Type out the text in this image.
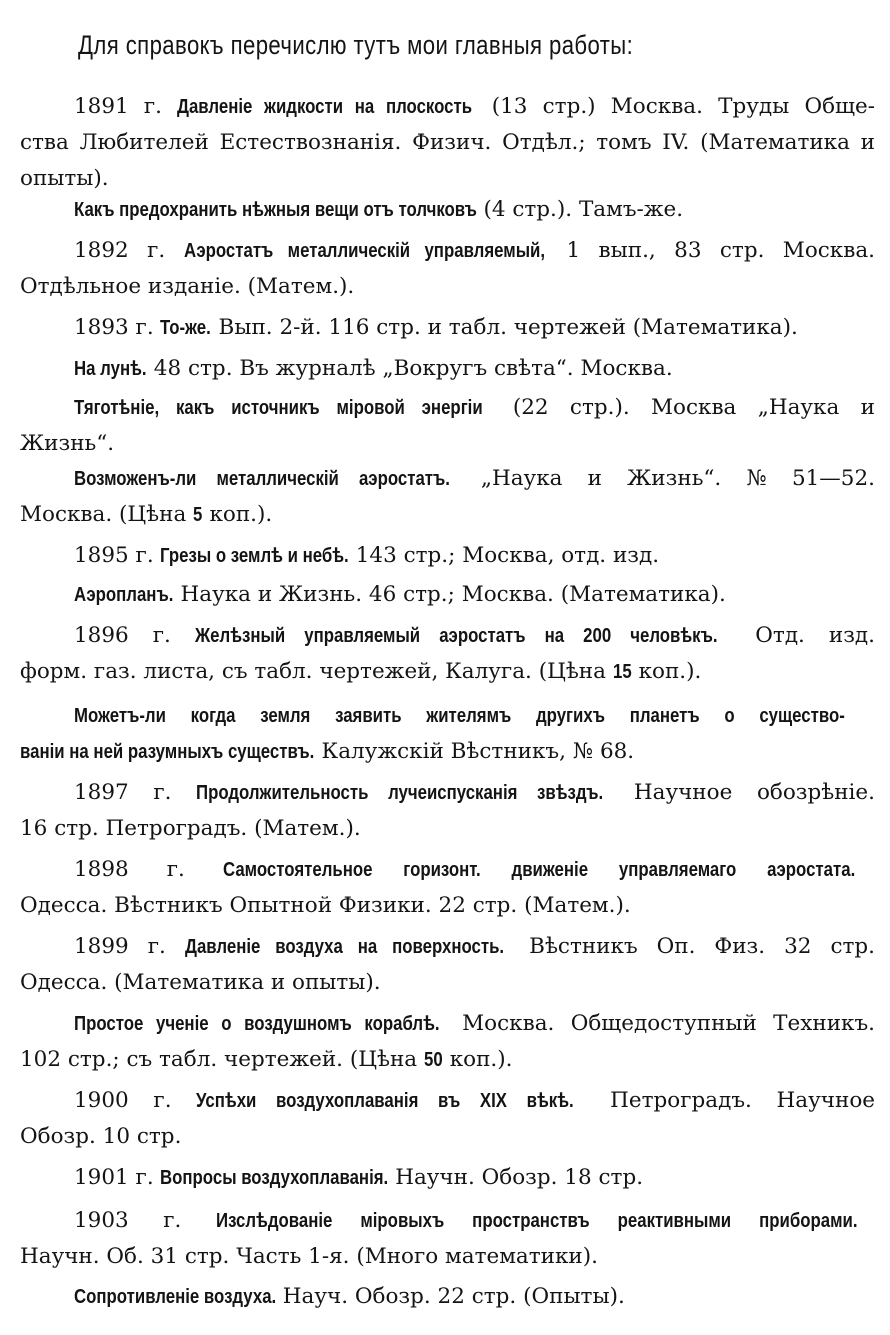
Для справокъ перечислю тутъ мои главныя работы:
1891 г. Давленіе жидкости на плоскость (13 стр.) Москва. Труды Обще-
ства Любителей Естествознанія. Физич. Отдѣл.; томъ IV. (Математика и
опыты).
Какъ предохранить нѣжныя вещи отъ толчковъ (4 стр.). Тамъ-же.
1892 г. Аэростатъ металлическій управляемый, 1 вып., 83 стр. Москва.
Отдѣльное изданіе. (Матем.).
1893 г. То-же. Вып. 2-й. 116 стр. и табл. чертежей (Математика).
На лунѣ. 48 стр. Въ журналѣ „Вокругъ свѣта“. Москва.
Тяготѣніе, какъ источникъ міровой энергіи (22 стр.). Москва „Наука и
Жизнь“.
Возможенъ-ли металлическій аэростатъ. „Наука и Жизнь“. № 51—52.
Москва. (Цѣна 5 коп.).
1895 г. Грезы о землѣ и небѣ. 143 стр.; Москва, отд. изд.
Аэропланъ. Наука и Жизнь. 46 стр.; Москва. (Математика).
1896 г. Желѣзный управляемый аэростатъ на 200 человѣкъ. Отд. изд.
форм. газ. листа, съ табл. чертежей, Калуга. (Цѣна 15 коп.).
Можетъ-ли когда земля заявить жителямъ другихъ планетъ о существо-
ваніи на ней разумныхъ существъ. Калужскій Вѣстникъ, № 68.
1897 г. Продолжительность лучеиспусканія звѣздъ. Научное обозрѣніе.
16 стр. Петроградъ. (Матем.).
1898 г. Самостоятельное горизонт. движеніе управляемаго аэростата.
Одесса. Вѣстникъ Опытной Физики. 22 стр. (Матем.).
1899 г. Давленіе воздуха на поверхность. Вѣстникъ Оп. Физ. 32 стр.
Одесса. (Математика и опыты).
Простое ученіе о воздушномъ кораблѣ. Москва. Общедоступный Техникъ.
102 стр.; съ табл. чертежей. (Цѣна 50 коп.).
1900 г. Успѣхи воздухоплаванія въ XIX вѣкѣ. Петроградъ. Научное
Обозр. 10 стр.
1901 г. Вопросы воздухоплаванія. Научн. Обозр. 18 стр.
1903 г. Изслѣдованіе міровыхъ пространствъ реактивными приборами.
Научн. Об. 31 стр. Часть 1-я. (Много математики).
Сопротивленіе воздуха. Науч. Обозр. 22 стр. (Опыты).
